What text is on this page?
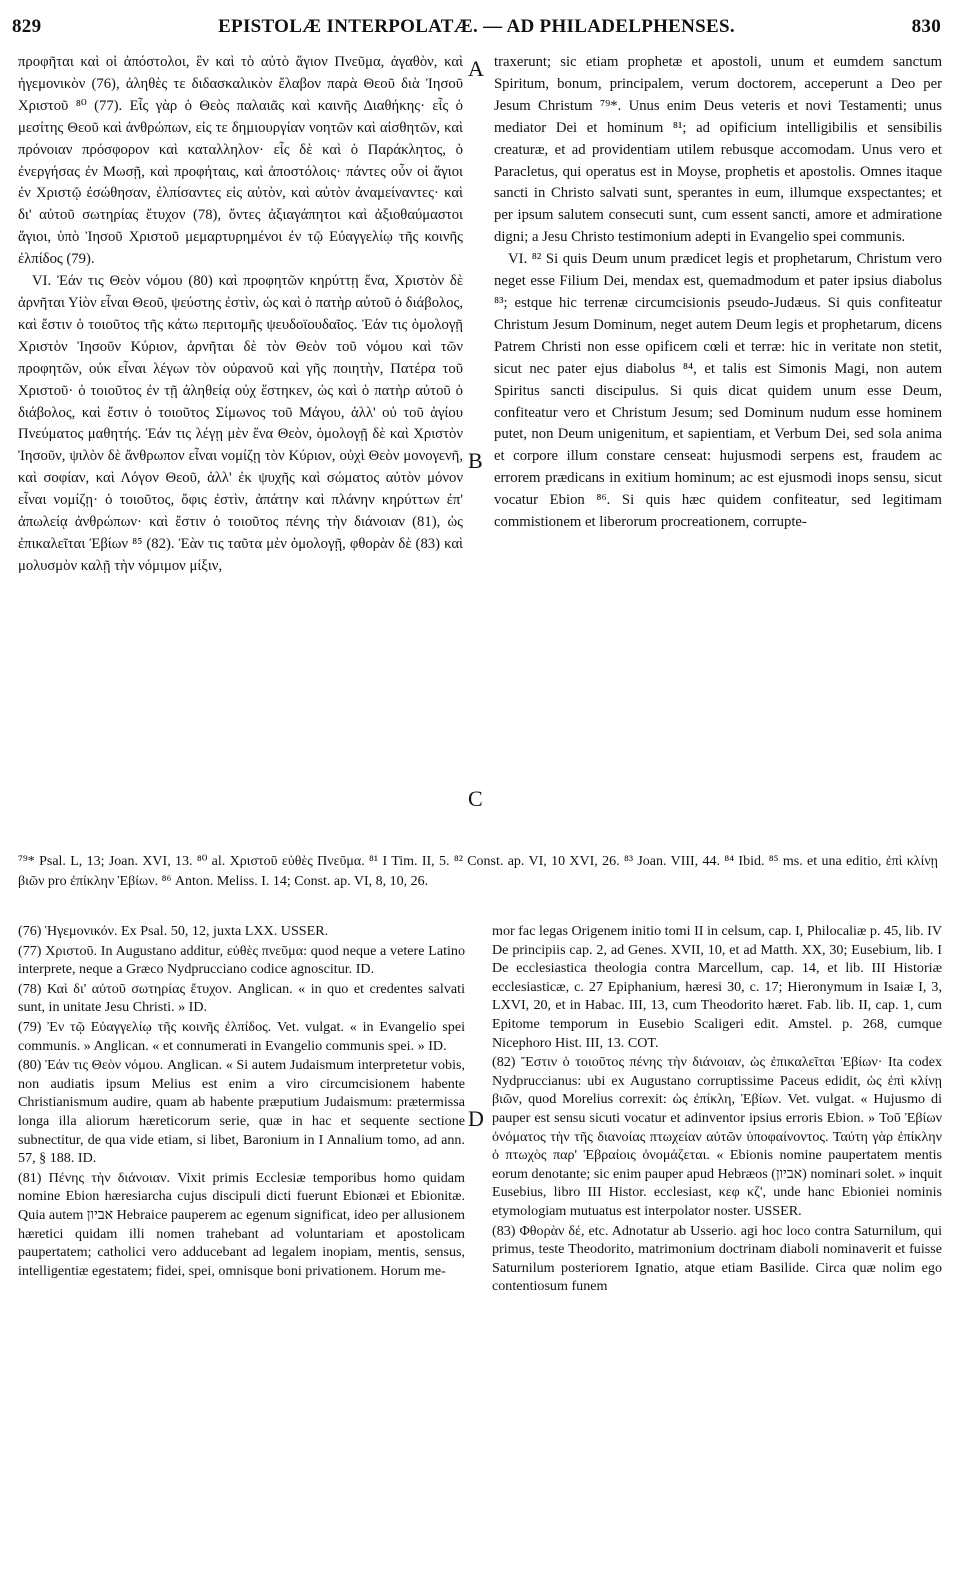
829	EPISTOLÆ INTERPOLATÆ. — AD PHILADELPHENSES.	830

προφῆται καὶ οἱ ἀπόστολοι, ἓν καὶ τὸ αὐτὸ ἅγιον Πνεῦμα, ἀγαθὸν, καὶ ἡγεμονικὸν (76), ἀληθὲς τε διδασκαλικὸν ἔλαβον παρὰ Θεοῦ διὰ Ἰησοῦ Χριστοῦ ⁸⁰ (77). Εἷς γὰρ ὁ Θεὸς παλαιᾶς καὶ καινῆς Διαθήκης· εἷς ὁ μεσίτης Θεοῦ καὶ ἀνθρώπων, εἰς τε δημιουργίαν νοητῶν καὶ αἰσθητῶν, καὶ πρόνοιαν πρόσφορον καὶ καταλληλον· εἷς δὲ καὶ ὁ Παράκλητος, ὁ ἐνεργήσας ἐν Μωσῇ, καὶ προφήταις, καὶ ἀποστόλοις· πάντες οὖν οἱ ἅγιοι ἐν Χριστῷ ἐσώθησαν, ἐλπίσαντες εἰς αὐτὸν, καὶ αὐτὸν ἀναμείναντες· καὶ δι' αὐτοῦ σωτηρίας ἔτυχον (78), ὄντες ἀξιαγάπητοι καὶ ἀξιοθαύμαστοι ἅγιοι, ὑπὸ Ἰησοῦ Χριστοῦ μεμαρτυρημένοι ἐν τῷ Εὐαγγελίῳ τῆς κοινῆς ἐλπίδος (79).

VI. Ἐάν τις Θεὸν νόμου (80) καὶ προφητῶν κηρύττῃ ἕνα, Χριστὸν δὲ ἀρνῆται Υἱὸν εἶναι Θεοῦ, ψεύστης ἐστὶν, ὡς καὶ ὁ πατὴρ αὐτοῦ ὁ διάβολος, καὶ ἔστιν ὁ τοιοῦτος τῆς κάτω περιτομῆς ψευδοϊουδαῖος. Ἐάν τις ὁμολογῇ Χριστὸν Ἰησοῦν Κύριον, ἀρνῆται δὲ τὸν Θεὸν τοῦ νόμου καὶ τῶν προφητῶν, οὐκ εἶναι λέγων τὸν οὐρανοῦ καὶ γῆς ποιητὴν, Πατέρα τοῦ Χριστοῦ· ὁ τοιοῦτος ἐν τῇ ἀληθείᾳ οὐχ ἕστηκεν, ὡς καὶ ὁ πατὴρ αὐτοῦ ὁ διάβολος, καὶ ἔστιν ὁ τοιοῦτος Σίμωνος τοῦ Μάγου, ἀλλ' οὐ τοῦ ἁγίου Πνεύματος μαθητής. Ἐάν τις λέγῃ μὲν ἕνα Θεὸν, ὁμολογῇ δὲ καὶ Χριστὸν Ἰησοῦν, ψιλὸν δὲ ἄνθρωπον εἶναι νομίζῃ τὸν Κύριον, οὐχὶ Θεὸν μονογενῆ, καὶ σοφίαν, καὶ Λόγον Θεοῦ, ἀλλ' ἐκ ψυχῆς καὶ σώματος αὐτὸν μόνον εἶναι νομίζῃ· ὁ τοιοῦτος, ὄφις ἐστὶν, ἀπάτην καὶ πλάνην κηρύττων ἐπ' ἀπωλείᾳ ἀνθρώπων· καὶ ἔστιν ὁ τοιοῦτος πένης τὴν διάνοιαν (81), ὡς ἐπικαλεῖται Ἐβίων ⁸⁵ (82). Ἐὰν τις ταῦτα μὲν ὁμολογῇ, φθορὰν δὲ (83) καὶ μολυσμὸν καλῇ τὴν νόμιμον μίξιν,

traxerunt; sic etiam prophetæ et apostoli, unum et eumdem sanctum Spiritum, bonum, principalem, verum doctorem, acceperunt a Deo per Jesum Christum ⁷⁹*. Unus enim Deus veteris et novi Testamenti; unus mediator Dei et hominum ⁸¹; ad opificium intelligibilis et sensibilis creaturæ, et ad providentiam utilem rebusque accomodam. Unus vero et Paracletus, qui operatus est in Moyse, prophetis et apostolis. Omnes itaque sancti in Christo salvati sunt, sperantes in eum, illumque exspectantes; et per ipsum salutem consecuti sunt, cum essent sancti, amore et admiratione digni; a Jesu Christo testimonium adepti in Evangelio spei communis.

VI. ⁸² Si quis Deum unum prædicet legis et prophetarum, Christum vero neget esse Filium Dei, mendax est, quemadmodum et pater ipsius diabolus ⁸³; estque hic terrenæ circumcisionis pseudo-Judæus. Si quis confiteatur Christum Jesum Dominum, neget autem Deum legis et prophetarum, dicens Patrem Christi non esse opificem cœli et terræ: hic in veritate non stetit, sicut nec pater ejus diabolus ⁸⁴, et talis est Simonis Magi, non autem Spiritus sancti discipulus. Si quis dicat quidem unum esse Deum, confiteatur vero et Christum Jesum; sed Dominum nudum esse hominem putet, non Deum unigenitum, et sapientiam, et Verbum Dei, sed sola anima et corpore illum constare censeat: hujusmodi serpens est, fraudem ac errorem prædicans in exitium hominum; ac est ejusmodi inops sensu, sicut vocatur Ebion ⁸⁶. Si quis hæc quidem confiteatur, sed legitimam commistionem et liberorum procreationem, corrupte-

A
B
C
D
⁷⁹* Psal. L, 13; Joan. XVI, 13. ⁸⁰ al. Χριστοῦ εὐθὲς Πνεῦμα. ⁸¹ I Tim. II, 5. ⁸² Const. ap. VI, 10 XVI, 26. ⁸³ Joan. VIII, 44. ⁸⁴ Ibid. ⁸⁵ ms. et una editio, ἐπὶ κλίνῃ βιῶν pro ἐπίκλην Ἐβίων. ⁸⁶ Anton. Meliss. I. 14; Const. ap. VI, 8, 10, 26.

(76) Ἡγεμονικόν. Ex Psal. 50, 12, juxta LXX. USSER.

(77) Χριστοῦ. In Augustano additur, εὐθὲς πνεῦμα: quod neque a vetere Latino interprete, neque a Græco Nydpruccianо codice agnoscitur. ID.

(78) Καὶ δι' αὐτοῦ σωτηρίας ἔτυχον. Anglican. « in quo et credentes salvati sunt, in unitate Jesu Christi. » ID.

(79) Ἐν τῷ Εὐαγγελίῳ τῆς κοινῆς ἐλπίδος. Vet. vulgat. « in Evangelio spei communis. » Anglican. « et connumerati in Evangelio communis spei. » ID.

(80) Ἐάν τις Θεὸν νόμου. Anglican. « Si autem Judaismum interpretetur vobis, non audiatis ipsum Melius est enim a viro circumcisionem habente Christianismum audire, quam ab habente præputium Judaismum: prætermissa longa illa aliorum hæreticorum serie, quæ in hac et sequente sectione subnectitur, de qua vide etiam, si libet, Baronium in I Annalium tomo, ad ann. 57, § 188. ID.

(81) Πένης τὴν διάνοιαν. Vixit primis Ecclesiæ temporibus homo quidam nomine Ebion hæresiarcha cujus discipuli dicti fuerunt Ebionæi et Ebionitæ. Quia autem אביון Hebraice pauperem ac egenum significat, ideo per allusionem hæretici quidam illi nomen trahebant ad voluntariam et apostolicam paupertatem; catholici vero adducebant ad legalem inopiam, mentis, sensus, intelligentiæ egestatem; fidei, spei, omnisque boni privationem. Horum me-

mor fac legas Origenem initio tomi II in celsum, cap. I, Philocaliæ p. 45, lib. IV De principiis cap. 2, ad Genes. XVII, 10, et ad Matth. XX, 30; Eusebium, lib. I De ecclesiastica theologia contra Marcellum, cap. 14, et lib. III Historiæ ecclesiasticæ, c. 27 Epiphanium, hæresi 30, c. 17; Hieronymum in Isaiæ I, 3, LXVI, 20, et in Habac. III, 13, cum Theodorito hæret. Fab. lib. II, cap. 1, cum Epitome temporum in Eusebio Scaligeri edit. Amstel. p. 268, cumque Nicephoro Hist. III, 13. COT.

(82) Ἔστιν ὁ τοιοῦτος πένης τὴν διάνοιαν, ὡς ἐπικαλεῖται Ἐβίων· Ita codex Nydpruccianus: ubi ex Augustano corruptissime Paceus edidit, ὡς ἐπὶ κλίνῃ βιῶν, quod Morelius correxit: ὡς ἐπίκλη, Ἐβίων. Vet. vulgat. « Hujusmo di pauper est sensu sicuti vocatur et adinventor ipsius erroris Ebion. » Τοῦ Ἐβίων ὀνόματος τὴν τῆς διανοίας πτωχείαν αὐτῶν ὑποφαίνοντος. Ταύτη γὰρ ἐπίκλην ὁ πτωχὸς παρ' Ἑβραίοις ὀνομάζεται. « Ebionis nomine paupertatem mentis eorum denotante; sic enim pauper apud Hebræos (אביון) nominari solet. » inquit Eusebius, libro III Histor. ecclesiast, κεφ κζ', unde hanc Ebioniei nominis etymologiam mutuatus est interpolator noster. USSER.

(83) Φθορὰν δέ, etc. Adnotatur ab Usserio. agi hoc loco contra Saturnilum, qui primus, teste Theodorito, matrimonium doctrinam diaboli nominaverit et fuisse Saturnilum posteriorem Ignatio, atque etiam Basilide. Circa quæ nolim ego contentiosum funem
